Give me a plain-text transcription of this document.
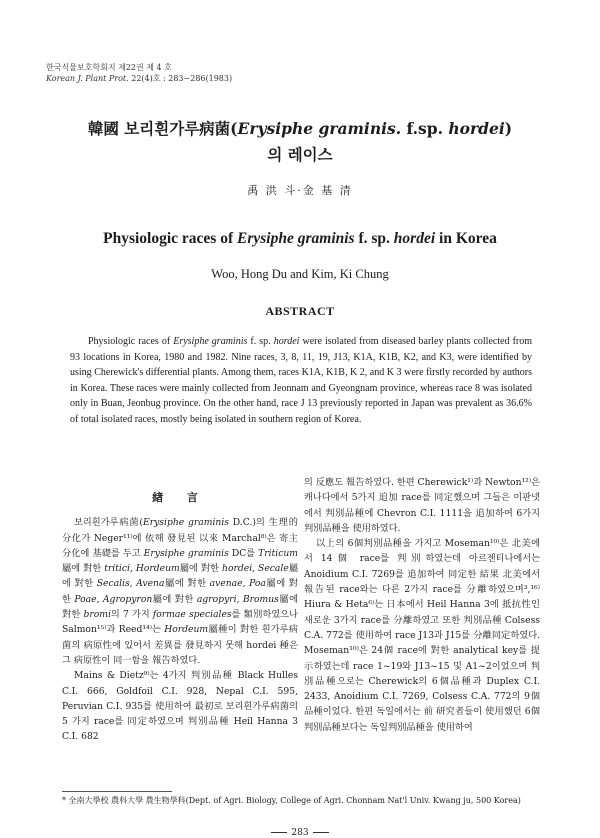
한국식물보호학회지 제22권 제 4 호
Korean J. Plant Prot. 22(4)호 : 283~286(1983)
韓國 보리흰가루病菌(Erysiphe graminis. f.sp. hordei)
의 레이스
禹 洪 斗·金 基 清
Physiologic races of Erysiphe graminis f. sp. hordei in Korea
Woo, Hong Du and Kim, Ki Chung
ABSTRACT

Physiologic races of Erysiphe graminis f. sp. hordei were isolated from diseased barley plants collected from 93 locations in Korea, 1980 and 1982. Nine races, 3, 8, 11, 19, J13, K1A, K1B, K2, and K3, were identified by using Cherewick's differential plants. Among them, races K1A, K1B, K 2, and K 3 were firstly recorded by authors in Korea. These races were mainly collected from Jeonnam and Gyeongnam province, whereas race 8 was isolated only in Buan, Jeonbug province. On the other hand, race J 13 previously reported in Japan was prevalent as 36.6% of total isolated races, mostly being isolated in southern region of Korea.

緖 言

보리흰가루病菌(Erysiphe graminis D.C.)의 生理的 分化가 Neger¹¹⁾에 依해 發見된 以來 Marchal⁸⁾은 寄主分化에 基礎를 두고 Erysiphe graminis DC를 Triticum屬에 對한 tritici, Hordeum屬에 對한 hordei, Secale屬에 對한 Secalis, Avena屬에 對한 avenae, Poa屬에 對한 Poae, Agropyron屬에 對한 agropyri, Bromus屬에 對한 bromi의 7 가지 formae speciales를 類別하였으나 Salmon¹⁵⁾과 Reed¹⁴⁾는 Hordeum屬種이 對한 흰가루病菌의 病原性에 있어서 差異를 發見하지 못해 hordei 種은 그 病原性이 同一함을 報告하였다.

Mains & Dietz⁹⁾는 4가지 判別品種 Black Hulles C.I. 666, Goldfoil C.I. 928, Nepal C.I. 595, Peruvian C.I. 935를 使用하여 最初로 보리흰가루病菌의 5 가지 race를 同定하였으며 判別品種 Heil Hanna 3 C.I. 682

의 反應도 報告하였다. 한편 Cherewick¹⁾과 Newton¹²⁾은 캐나다에서 5가지 追加 race를 同定했으며 그들은 이판넷에서 判別品種에 Chevron C.I. 1111을 追加하여 6가지 判別品種을 使用하였다.

以上의 6個判別品種을 가지고 Moseman¹⁰⁾은 北美에서 14個 race를 判別하였는데 아르젠티나에서는 Anoidium C.I. 7269를 追加하여 同定한 結果 北美에서 報告된 race와는 다른 2가지 race를 分離하였으며³,¹⁶⁾ Hiura & Heta⁶⁾는 日本에서 Heil Hanna 3에 抵抗性인 새로운 3가지 race를 分離하였고 또한 判別品種 Colsess C.A. 772를 使用하여 race J13과 J15를 分離同定하였다. Moseman¹⁰⁾은 24個 race에 對한 analytical key를 提示하였는데 race 1~19와 J13~15 및 A1~2이었으며 判別品種으로는 Cherewick의 6個品種과 Duplex C.I. 2433, Anoidium C.I. 7269, Colsess C.A. 772의 9個品種이었다. 한편 독일에서는 前 研究者들이 使用했던 6個判別品種보다는 독일判別品種을 使用하여

* 全南大學校 農科大學 農生物學科(Dept. of Agri. Biology, College of Agri. Chonnam Nat'l Univ. Kwang ju, 500 Korea)
283
